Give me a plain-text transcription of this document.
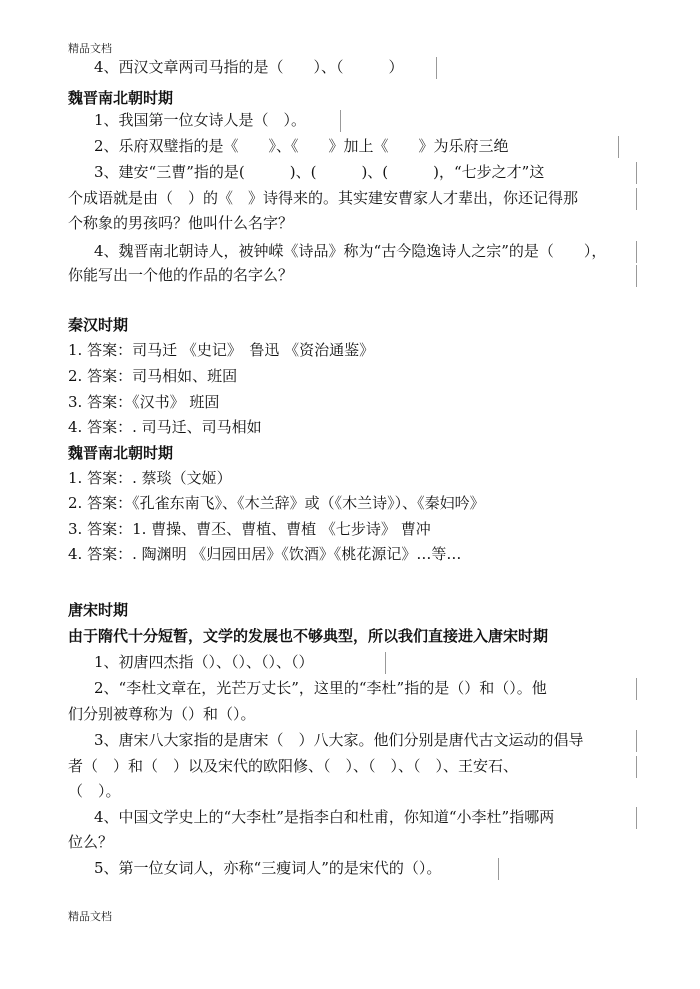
精品文档
4、西汉文章两司马指的是（　　）、（　　　）
魏晋南北朝时期
1、我国第一位女诗人是（　）。
2、乐府双璧指的是《　　》、《　　》加上《　　》为乐府三绝
3、建安“三曹”指的是(　　　)、(　　　)、(　　　)，“七步之才”这
个成语就是由（　）的《　》诗得来的。其实建安曹家人才辈出，你还记得那
个称象的男孩吗？他叫什么名字？
4、魏晋南北朝诗人，被钟嵘《诗品》称为“古今隐逸诗人之宗”的是（　　），
你能写出一个他的作品的名字么？
秦汉时期
1. 答案：司马迁 《史记》　鲁迅 《资治通鉴》
2. 答案：司马相如、班固
3. 答案：《汉书》 班固
4. 答案：. 司马迁、司马相如
魏晋南北朝时期
1. 答案：. 蔡琰（文姬）
2. 答案：《孔雀东南飞》、《木兰辞》或（《木兰诗》）、《秦妇吟》
3. 答案：1. 曹操、曹丕、曹植、曹植 《七步诗》 曹冲
4. 答案：. 陶渊明 《归园田居》《饮酒》《桃花源记》…等…
唐宋时期
由于隋代十分短暂，文学的发展也不够典型，所以我们直接进入唐宋时期
1、初唐四杰指（）、（）、（）、（）
2、“李杜文章在，光芒万丈长”，这里的“李杜”指的是（）和（）。他
们分别被尊称为（）和（）。
3、唐宋八大家指的是唐宋（　）八大家。他们分别是唐代古文运动的倡导
者（　）和（　）以及宋代的欧阳修、（　）、（　）、（　）、王安石、
（　）。
4、中国文学史上的“大李杜”是指李白和杜甫，你知道“小李杜”指哪两
位么？
5、第一位女词人，亦称“三瘦词人”的是宋代的（）。
精品文档
